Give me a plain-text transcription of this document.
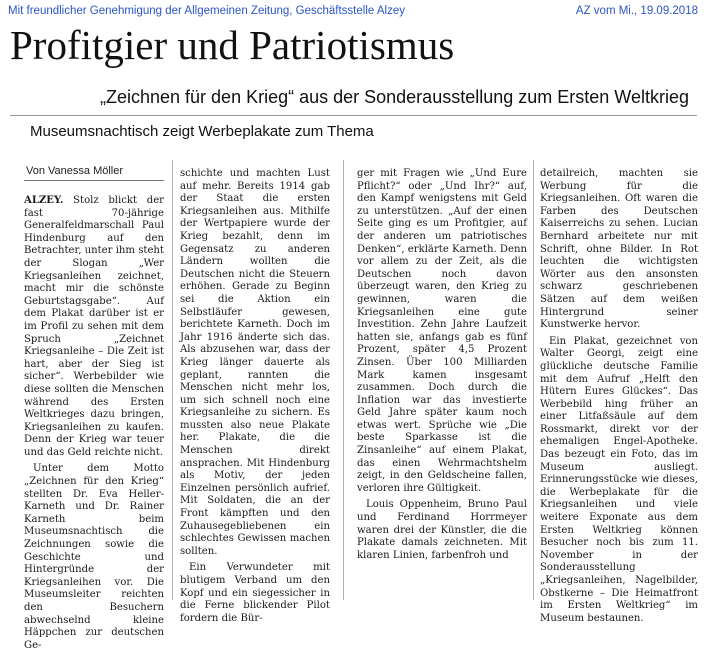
Mit freundlicher Genehmigung der Allgemeinen Zeitung, Geschäftsstelle Alzey	AZ vom Mi., 19.09.2018
Profitgier und Patriotismus
„Zeichnen für den Krieg“ aus der Sonderausstellung zum Ersten Weltkrieg
Museumsnachtisch zeigt Werbeplakate zum Thema
Von Vanessa Möller

ALZEY. Stolz blickt der fast 70-jährige Generalfeldmarschall Paul Hindenburg auf den Betrachter, unter ihm steht der Slogan „Wer Kriegsanleihen zeichnet, macht mir die schönste Geburtstagsgabe“. Auf dem Plakat darüber ist er im Profil zu sehen mit dem Spruch „Zeichnet Kriegsanleihe – Die Zeit ist hart, aber der Sieg ist sicher“. Werbebilder wie diese sollten die Menschen während des Ersten Weltkrieges dazu bringen, Kriegsanleihen zu kaufen. Denn der Krieg war teuer und das Geld reichte nicht.

Unter dem Motto „Zeichnen für den Krieg“ stellten Dr. Eva Heller-Karneth und Dr. Rainer Karneth beim Museumsnachtisch die Zeichnungen sowie die Geschichte und Hintergründe der Kriegsanleihen vor. Die Museumsleiter reichten den Besuchern abwechselnd kleine Häppchen zur deutschen Ge-

schichte und machten Lust auf mehr. Bereits 1914 gab der Staat die ersten Kriegsanleihen aus. Mithilfe der Wertpapiere wurde der Krieg bezahlt, denn im Gegensatz zu anderen Ländern wollten die Deutschen nicht die Steuern erhöhen. Gerade zu Beginn sei die Aktion ein Selbstläufer gewesen, berichtete Karneth. Doch im Jahr 1916 änderte sich das. Als abzusehen war, dass der Krieg länger dauerte als geplant, rannten die Menschen nicht mehr los, um sich schnell noch eine Kriegsanleihe zu sichern. Es mussten also neue Plakate her. Plakate, die die Menschen direkt ansprachen. Mit Hindenburg als Motiv, der jeden Einzelnen persönlich aufrief. Mit Soldaten, die an der Front kämpften und den Zuhausegebliebenen ein schlechtes Gewissen machen sollten.

Ein Verwundeter mit blutigem Verband um den Kopf und ein siegessicher in die Ferne blickender Pilot fordern die Bür-

ger mit Fragen wie „Und Eure Pflicht?“ oder „Und Ihr?“ auf, den Kampf wenigstens mit Geld zu unterstützen. „Auf der einen Seite ging es um Profitgier, auf der anderen um patriotisches Denken“, erklärte Karneth. Denn vor allem zu der Zeit, als die Deutschen noch davon überzeugt waren, den Krieg zu gewinnen, waren die Kriegsanleihen eine gute Investition. Zehn Jahre Laufzeit hatten sie, anfangs gab es fünf Prozent, später 4,5 Prozent Zinsen. Über 100 Milliarden Mark kamen insgesamt zusammen. Doch durch die Inflation war das investierte Geld Jahre später kaum noch etwas wert. Sprüche wie „Die beste Sparkasse ist die Zinsanleihe“ auf einem Plakat, das einen Wehrmachtshelm zeigt, in den Geldscheine fallen, verloren ihre Gültigkeit.

Louis Oppenheim, Bruno Paul und Ferdinand Horrmeyer waren drei der Künstler, die die Plakate damals zeichneten. Mit klaren Linien, farbenfroh und

detailreich, machten sie Werbung für die Kriegsanleihen. Oft waren die Farben des Deutschen Kaiserreichs zu sehen. Lucian Bernhard arbeitete nur mit Schrift, ohne Bilder. In Rot leuchten die wichtigsten Wörter aus den ansonsten schwarz geschriebenen Sätzen auf dem weißen Hintergrund seiner Kunstwerke hervor.

Ein Plakat, gezeichnet von Walter Georgi, zeigt eine glückliche deutsche Familie mit dem Aufruf „Helft den Hütern Eures Glückes“. Das Werbebild hing früher an einer Litfaßsäule auf dem Rossmarkt, direkt vor der ehemaligen Engel-Apotheke. Das bezeugt ein Foto, das im Museum ausliegt. Erinnerungsstücke wie dieses, die Werbeplakate für die Kriegsanleihen und viele weitere Exponate aus dem Ersten Weltkrieg können Besucher noch bis zum 11. November in der Sonderausstellung „Kriegsanleihen, Nagelbilder, Obstkerne – Die Heimatfront im Ersten Weltkrieg“ im Museum bestaunen.
